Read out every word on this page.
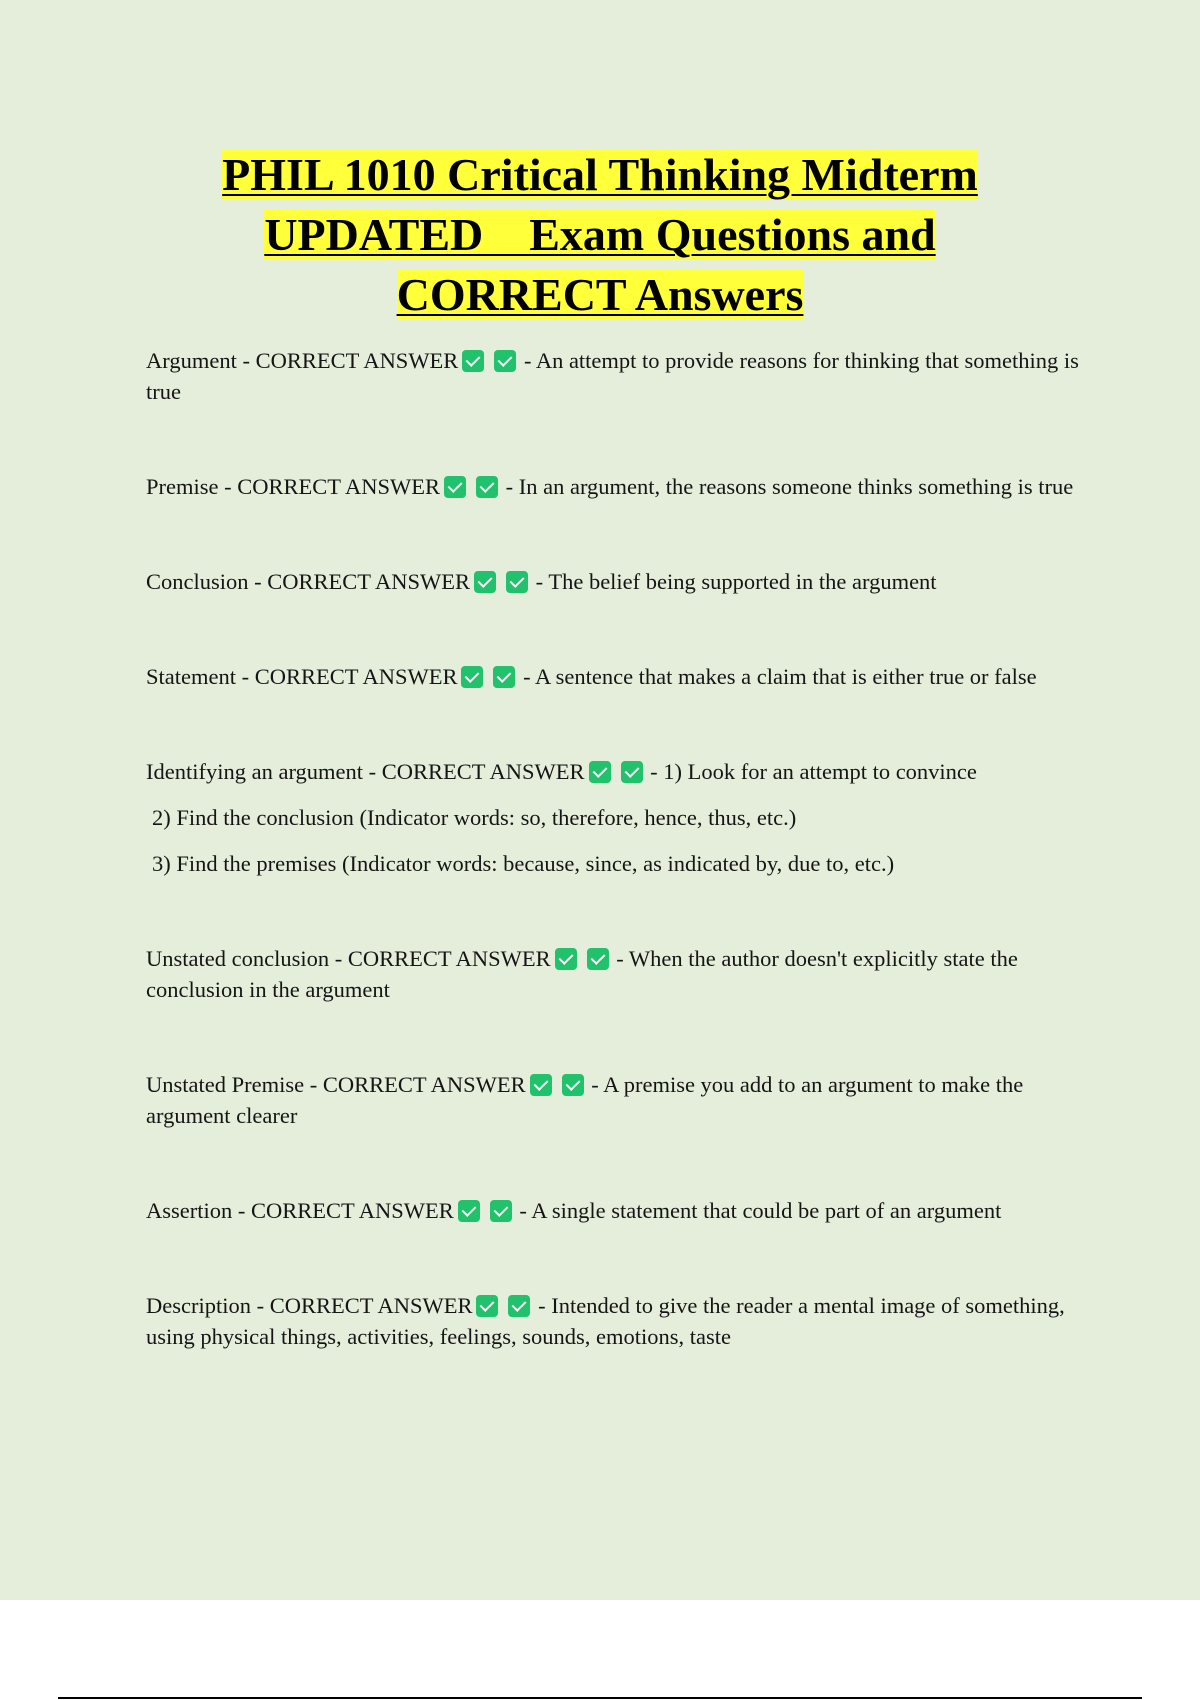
PHIL 1010 Critical Thinking Midterm
UPDATED    Exam Questions and
CORRECT Answers

Argument - CORRECT ANSWER	- An attempt to provide reasons for thinking that something is true

Premise - CORRECT ANSWER	- In an argument, the reasons someone thinks something is true

Conclusion - CORRECT ANSWER	- The belief being supported in the argument

Statement - CORRECT ANSWER	- A sentence that makes a claim that is either true or false

Identifying an argument - CORRECT ANSWER	- 1) Look for an attempt to convince
2) Find the conclusion (Indicator words: so, therefore, hence, thus, etc.)
3) Find the premises (Indicator words: because, since, as indicated by, due to, etc.)

Unstated conclusion - CORRECT ANSWER	- When the author doesn't explicitly state the conclusion in the argument

Unstated Premise - CORRECT ANSWER	- A premise you add to an argument to make the argument clearer

Assertion - CORRECT ANSWER	- A single statement that could be part of an argument

Description - CORRECT ANSWER	- Intended to give the reader a mental image of something, using physical things, activities, feelings, sounds, emotions, taste
